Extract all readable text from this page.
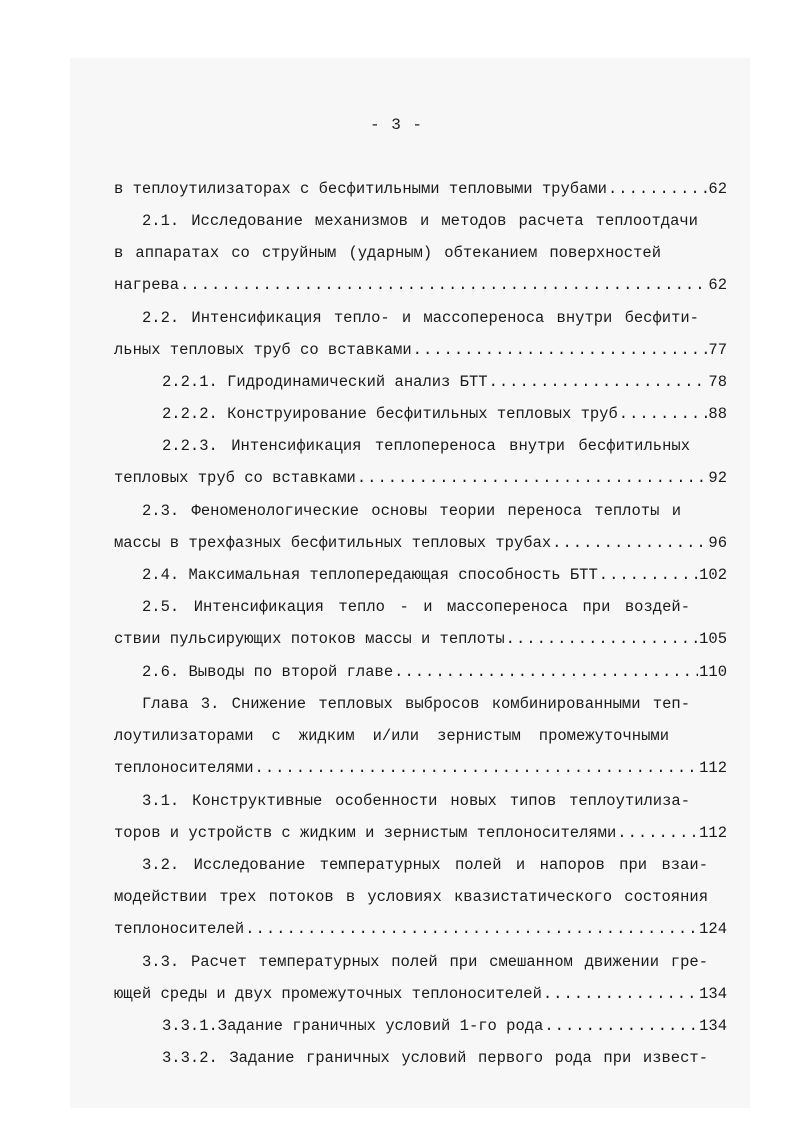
- 3 -
в теплоутилизаторах с бесфитильными тепловыми трубами .....	62
2.1. Исследование механизмов и методов расчета теплоотдачи
в аппаратах со струйным (ударным) обтеканием поверхностей
нагрева .....	62
2.2. Интенсификация тепло- и массопереноса внутри бесфити-
льных тепловых труб со вставками .....	77
2.2.1. Гидродинамический анализ БТТ .....	78
2.2.2. Конструирование бесфитильных тепловых труб .....	88
2.2.3. Интенсификация теплопереноса внутри бесфитильных
тепловых труб со вставками .....	92
2.3. Феноменологические основы теории переноса теплоты и
массы в трехфазных бесфитильных тепловых трубах .....	96
2.4. Максимальная теплопередающая способность БТТ .....	102
2.5. Интенсификация тепло - и массопереноса при воздей-
ствии пульсирующих потоков массы и теплоты .....	105
2.6. Выводы по второй главе .....	110
Глава 3. Снижение тепловых выбросов комбинированными теп-
лоутилизаторами с жидким и/или зернистым промежуточными
теплоносителями .....	112
3.1. Конструктивные особенности новых типов теплоутилиза-
торов и устройств с жидким и зернистым теплоносителями .....	112
3.2. Исследование температурных полей и напоров при взаи-
модействии трех потоков в условиях квазистатического состояния
теплоносителей .....	124
3.3. Расчет температурных полей при смешанном движении гре-
ющей среды и двух промежуточных теплоносителей .....	134
3.3.1.Задание граничных условий 1-го рода .....	134
3.3.2. Задание граничных условий первого рода при извест-
